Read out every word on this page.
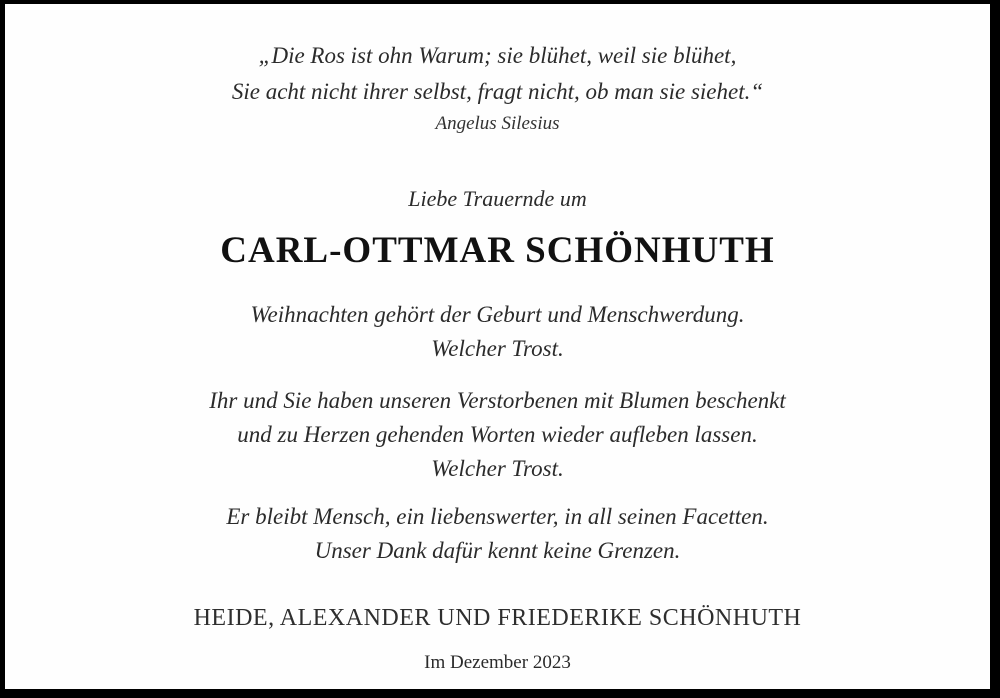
„Die Ros ist ohn Warum; sie blühet, weil sie blühet,
Sie acht nicht ihrer selbst, fragt nicht, ob man sie siehet.“
Angelus Silesius
Liebe Trauernde um
CARL-OTTMAR SCHÖNHUTH
Weihnachten gehört der Geburt und Menschwerdung.
Welcher Trost.
Ihr und Sie haben unseren Verstorbenen mit Blumen beschenkt
und zu Herzen gehenden Worten wieder aufleben lassen.
Welcher Trost.
Er bleibt Mensch, ein liebenswerter, in all seinen Facetten.
Unser Dank dafür kennt keine Grenzen.
HEIDE, ALEXANDER UND FRIEDERIKE SCHÖNHUTH
Im Dezember 2023
